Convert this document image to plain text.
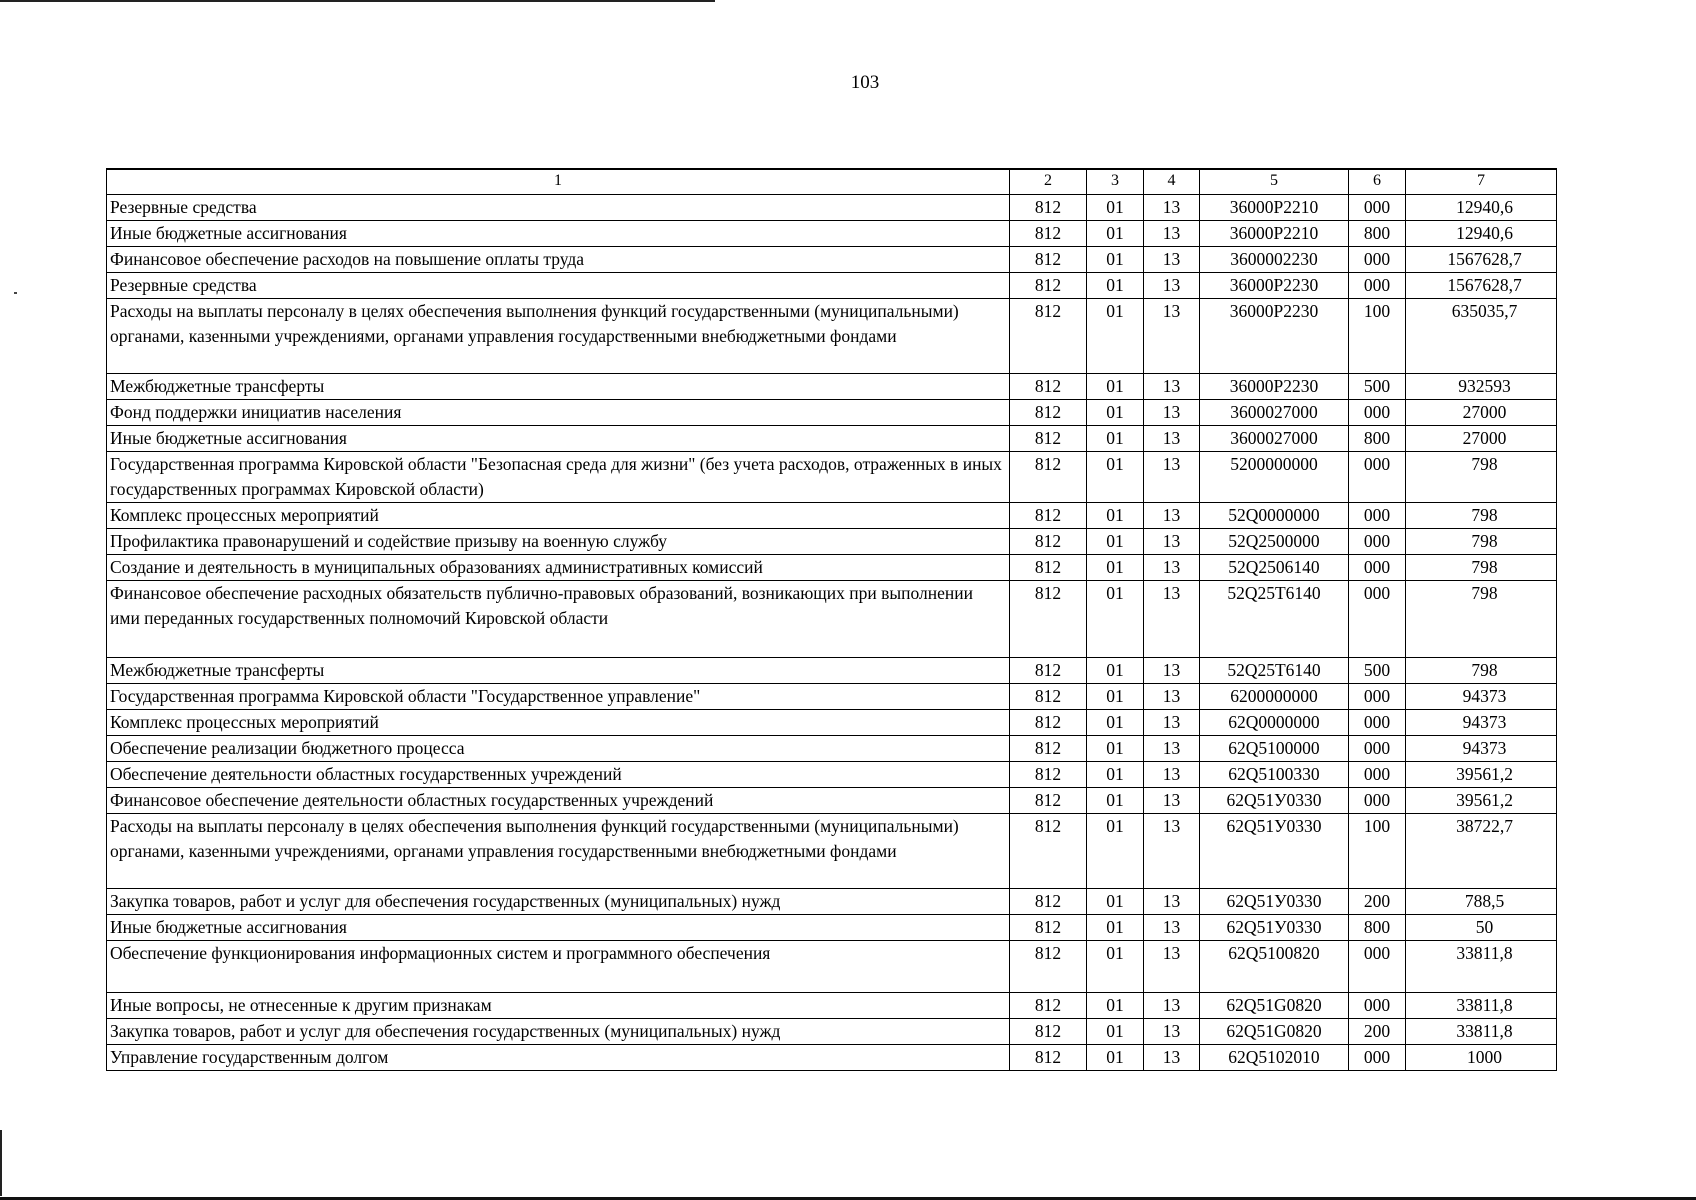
103
1	2	3	4	5	6	7
Резервные средства	812	01	13	36000P2210	000	12940,6
Иные бюджетные ассигнования	812	01	13	36000P2210	800	12940,6
Финансовое обеспечение расходов на повышение оплаты труда	812	01	13	3600002230	000	1567628,7
Резервные средства	812	01	13	36000P2230	000	1567628,7
Расходы на выплаты персоналу в целях обеспечения выполнения функций государственными (муниципальными) органами, казенными учреждениями, органами управления государственными внебюджетными фондами	812	01	13	36000P2230	100	635035,7
Межбюджетные трансферты	812	01	13	36000P2230	500	932593
Фонд поддержки инициатив населения	812	01	13	3600027000	000	27000
Иные бюджетные ассигнования	812	01	13	3600027000	800	27000
Государственная программа Кировской области "Безопасная среда для жизни" (без учета расходов, отраженных в иных государственных программах Кировской области)	812	01	13	5200000000	000	798
Комплекс процессных мероприятий	812	01	13	52Q0000000	000	798
Профилактика правонарушений и содействие призыву на военную службу	812	01	13	52Q2500000	000	798
Создание и деятельность в муниципальных образованиях административных комиссий	812	01	13	52Q2506140	000	798
Финансовое обеспечение расходных обязательств публично-правовых образований, возникающих при выполнении ими переданных государственных полномочий Кировской области	812	01	13	52Q25T6140	000	798
Межбюджетные трансферты	812	01	13	52Q25T6140	500	798
Государственная программа Кировской области "Государственное управление"	812	01	13	6200000000	000	94373
Комплекс процессных мероприятий	812	01	13	62Q0000000	000	94373
Обеспечение реализации бюджетного процесса	812	01	13	62Q5100000	000	94373
Обеспечение деятельности областных государственных учреждений	812	01	13	62Q5100330	000	39561,2
Финансовое обеспечение деятельности областных государственных учреждений	812	01	13	62Q51У0330	000	39561,2
Расходы на выплаты персоналу в целях обеспечения выполнения функций государственными (муниципальными) органами, казенными учреждениями, органами управления государственными внебюджетными фондами	812	01	13	62Q51У0330	100	38722,7
Закупка товаров, работ и услуг для обеспечения государственных (муниципальных) нужд	812	01	13	62Q51У0330	200	788,5
Иные бюджетные ассигнования	812	01	13	62Q51У0330	800	50
Обеспечение функционирования информационных систем и программного обеспечения	812	01	13	62Q5100820	000	33811,8
Иные вопросы, не отнесенные к другим признакам	812	01	13	62Q51G0820	000	33811,8
Закупка товаров, работ и услуг для обеспечения государственных (муниципальных) нужд	812	01	13	62Q51G0820	200	33811,8
Управление государственным долгом	812	01	13	62Q5102010	000	1000
